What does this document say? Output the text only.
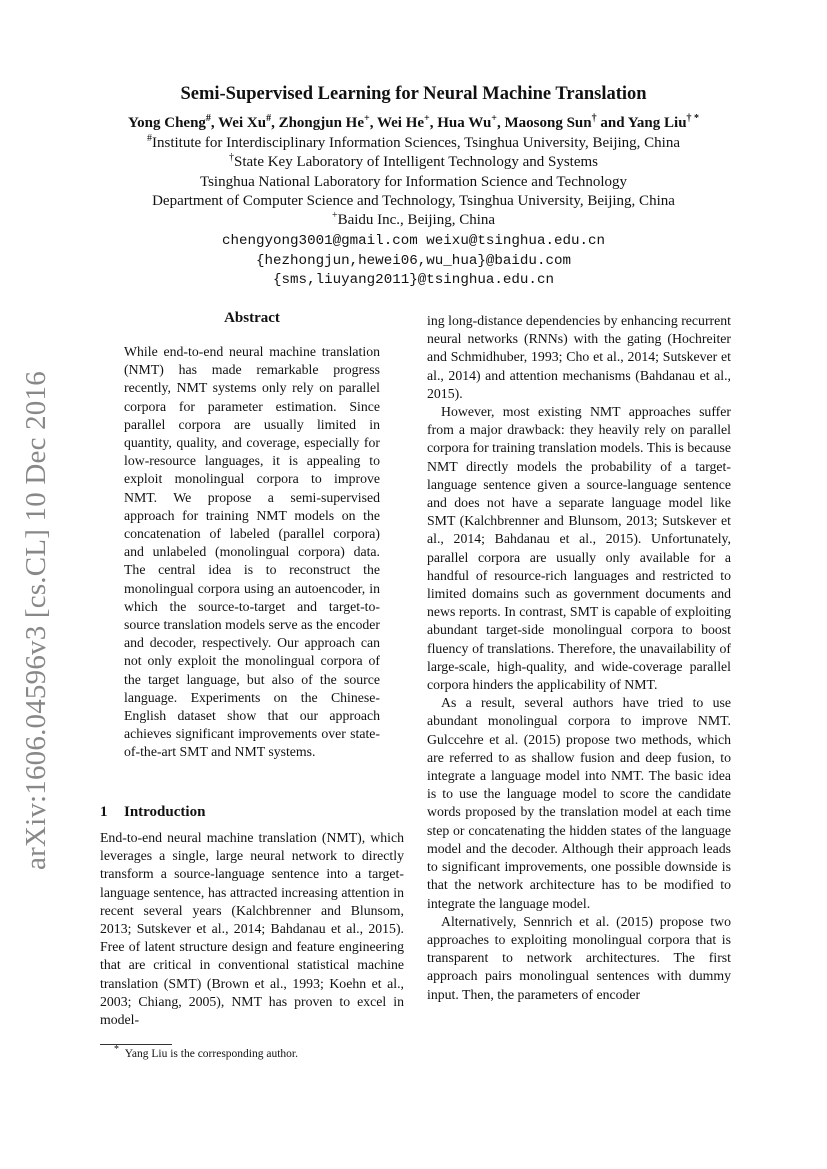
arXiv:1606.04596v3 [cs.CL] 10 Dec 2016
Semi-Supervised Learning for Neural Machine Translation
Yong Cheng#, Wei Xu#, Zhongjun He+, Wei He+, Hua Wu+, Maosong Sun† and Yang Liu† *
#Institute for Interdisciplinary Information Sciences, Tsinghua University, Beijing, China
†State Key Laboratory of Intelligent Technology and Systems
Tsinghua National Laboratory for Information Science and Technology
Department of Computer Science and Technology, Tsinghua University, Beijing, China
+Baidu Inc., Beijing, China
chengyong3001@gmail.com weixu@tsinghua.edu.cn
{hezhongjun,hewei06,wu_hua}@baidu.com
{sms,liuyang2011}@tsinghua.edu.cn
Abstract

While end-to-end neural machine translation (NMT) has made remarkable progress recently, NMT systems only rely on parallel corpora for parameter estimation. Since parallel corpora are usually limited in quantity, quality, and coverage, especially for low-resource languages, it is appealing to exploit monolingual corpora to improve NMT. We propose a semi-supervised approach for training NMT models on the concatenation of labeled (parallel corpora) and unlabeled (monolingual corpora) data. The central idea is to reconstruct the monolingual corpora using an autoencoder, in which the source-to-target and target-to-source translation models serve as the encoder and decoder, respectively. Our approach can not only exploit the monolingual corpora of the target language, but also of the source language. Experiments on the Chinese-English dataset show that our approach achieves significant improvements over state-of-the-art SMT and NMT systems.

1 Introduction

End-to-end neural machine translation (NMT), which leverages a single, large neural network to directly transform a source-language sentence into a target-language sentence, has attracted increasing attention in recent several years (Kalchbrenner and Blunsom, 2013; Sutskever et al., 2014; Bahdanau et al., 2015). Free of latent structure design and feature engineering that are critical in conventional statistical machine translation (SMT) (Brown et al., 1993; Koehn et al., 2003; Chiang, 2005), NMT has proven to excel in model-

* Yang Liu is the corresponding author.

ing long-distance dependencies by enhancing recurrent neural networks (RNNs) with the gating (Hochreiter and Schmidhuber, 1993; Cho et al., 2014; Sutskever et al., 2014) and attention mechanisms (Bahdanau et al., 2015).

However, most existing NMT approaches suffer from a major drawback: they heavily rely on parallel corpora for training translation models. This is because NMT directly models the probability of a target-language sentence given a source-language sentence and does not have a separate language model like SMT (Kalchbrenner and Blunsom, 2013; Sutskever et al., 2014; Bahdanau et al., 2015). Unfortunately, parallel corpora are usually only available for a handful of resource-rich languages and restricted to limited domains such as government documents and news reports. In contrast, SMT is capable of exploiting abundant target-side monolingual corpora to boost fluency of translations. Therefore, the unavailability of large-scale, high-quality, and wide-coverage parallel corpora hinders the applicability of NMT.

As a result, several authors have tried to use abundant monolingual corpora to improve NMT. Gulccehre et al. (2015) propose two methods, which are referred to as shallow fusion and deep fusion, to integrate a language model into NMT. The basic idea is to use the language model to score the candidate words proposed by the translation model at each time step or concatenating the hidden states of the language model and the decoder. Although their approach leads to significant improvements, one possible downside is that the network architecture has to be modified to integrate the language model.

Alternatively, Sennrich et al. (2015) propose two approaches to exploiting monolingual corpora that is transparent to network architectures. The first approach pairs monolingual sentences with dummy input. Then, the parameters of encoder
